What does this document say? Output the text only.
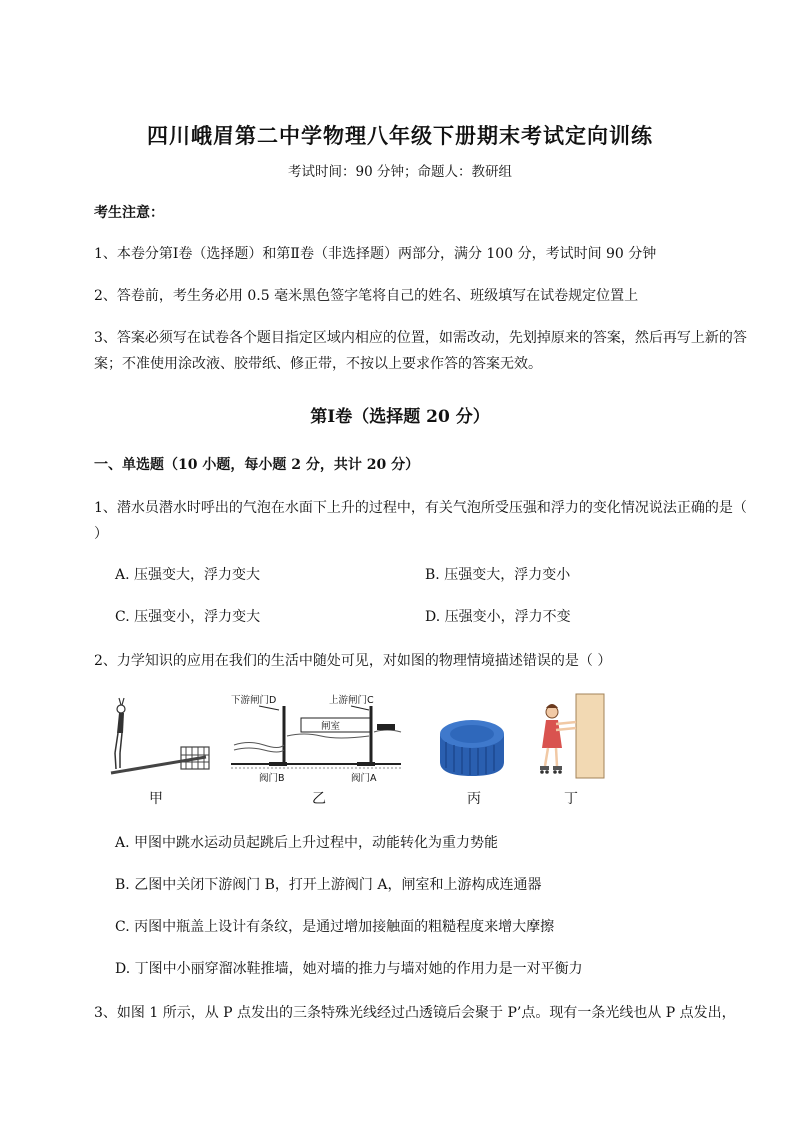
四川峨眉第二中学物理八年级下册期末考试定向训练
考试时间：90 分钟；命题人：教研组
考生注意：
1、本卷分第Ⅰ卷（选择题）和第Ⅱ卷（非选择题）两部分，满分 100 分，考试时间 90 分钟
2、答卷前，考生务必用 0.5 毫米黑色签字笔将自己的姓名、班级填写在试卷规定位置上
3、答案必须写在试卷各个题目指定区域内相应的位置，如需改动，先划掉原来的答案，然后再写上新的答案；不准使用涂改液、胶带纸、修正带，不按以上要求作答的答案无效。
第Ⅰ卷（选择题 20 分）
一、单选题（10 小题，每小题 2 分，共计 20 分）
1、潜水员潜水时呼出的气泡在水面下上升的过程中，有关气泡所受压强和浮力的变化情况说法正确的是（ ）
A. 压强变大，浮力变大	B. 压强变大，浮力变小
C. 压强变小，浮力变大	D. 压强变小，浮力不变
2、力学知识的应用在我们的生活中随处可见，对如图的物理情境描述错误的是（ ）
甲
下游闸门D	上游闸门C
闸室
阀门B	阀门A
乙	丙	丁
A. 甲图中跳水运动员起跳后上升过程中，动能转化为重力势能
B. 乙图中关闭下游阀门 B，打开上游阀门 A，闸室和上游构成连通器
C. 丙图中瓶盖上设计有条纹，是通过增加接触面的粗糙程度来增大摩擦
D. 丁图中小丽穿溜冰鞋推墙，她对墙的推力与墙对她的作用力是一对平衡力
3、如图 1 所示，从 P 点发出的三条特殊光线经过凸透镜后会聚于 P’点。现有一条光线也从 P 点发出，
